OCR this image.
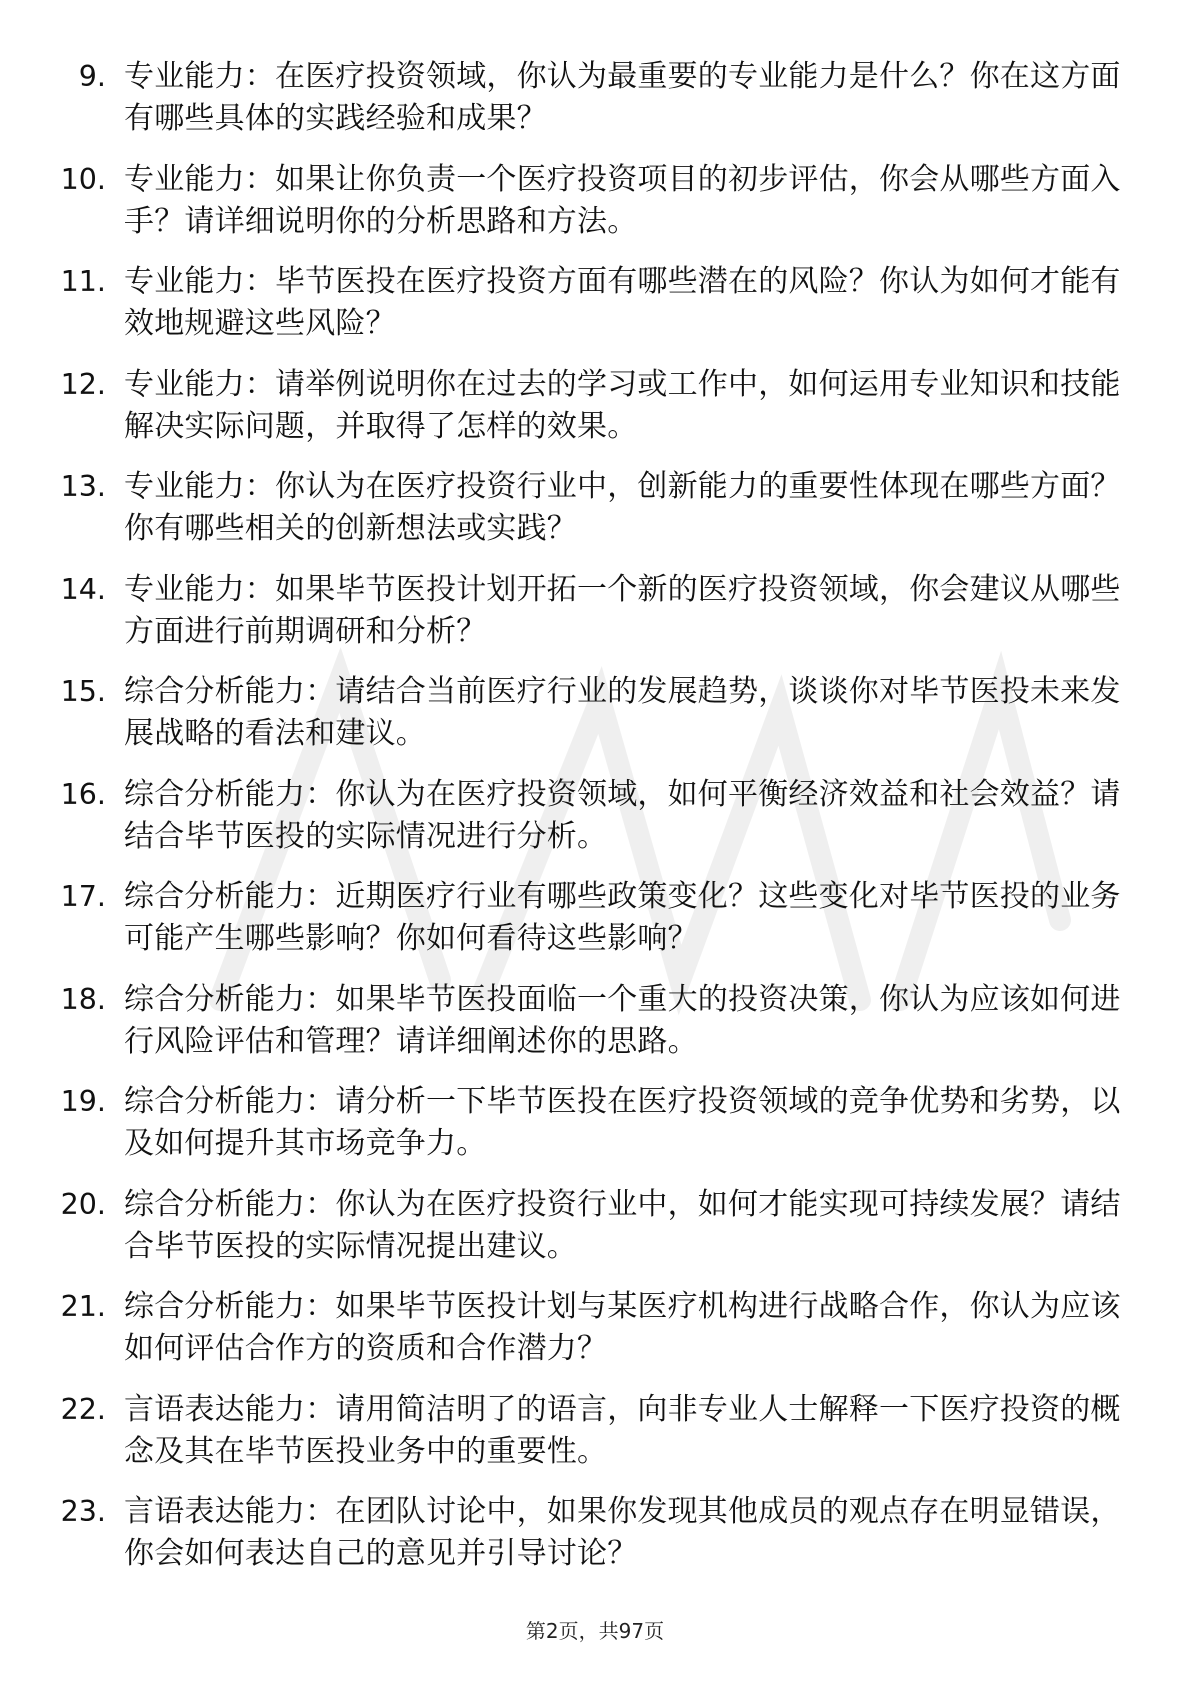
9. 专业能力：在医疗投资领域，你认为最重要的专业能力是什么？你在这方面有哪些具体的实践经验和成果？
10. 专业能力：如果让你负责一个医疗投资项目的初步评估，你会从哪些方面入手？请详细说明你的分析思路和方法。
11. 专业能力：毕节医投在医疗投资方面有哪些潜在的风险？你认为如何才能有效地规避这些风险？
12. 专业能力：请举例说明你在过去的学习或工作中，如何运用专业知识和技能解决实际问题，并取得了怎样的效果。
13. 专业能力：你认为在医疗投资行业中，创新能力的重要性体现在哪些方面？你有哪些相关的创新想法或实践？
14. 专业能力：如果毕节医投计划开拓一个新的医疗投资领域，你会建议从哪些方面进行前期调研和分析？
15. 综合分析能力：请结合当前医疗行业的发展趋势，谈谈你对毕节医投未来发展战略的看法和建议。
16. 综合分析能力：你认为在医疗投资领域，如何平衡经济效益和社会效益？请结合毕节医投的实际情况进行分析。
17. 综合分析能力：近期医疗行业有哪些政策变化？这些变化对毕节医投的业务可能产生哪些影响？你如何看待这些影响？
18. 综合分析能力：如果毕节医投面临一个重大的投资决策，你认为应该如何进行风险评估和管理？请详细阐述你的思路。
19. 综合分析能力：请分析一下毕节医投在医疗投资领域的竞争优势和劣势，以及如何提升其市场竞争力。
20. 综合分析能力：你认为在医疗投资行业中，如何才能实现可持续发展？请结合毕节医投的实际情况提出建议。
21. 综合分析能力：如果毕节医投计划与某医疗机构进行战略合作，你认为应该如何评估合作方的资质和合作潜力？
22. 言语表达能力：请用简洁明了的语言，向非专业人士解释一下医疗投资的概念及其在毕节医投业务中的重要性。
23. 言语表达能力：在团队讨论中，如果你发现其他成员的观点存在明显错误，你会如何表达自己的意见并引导讨论？
第2页，共97页
